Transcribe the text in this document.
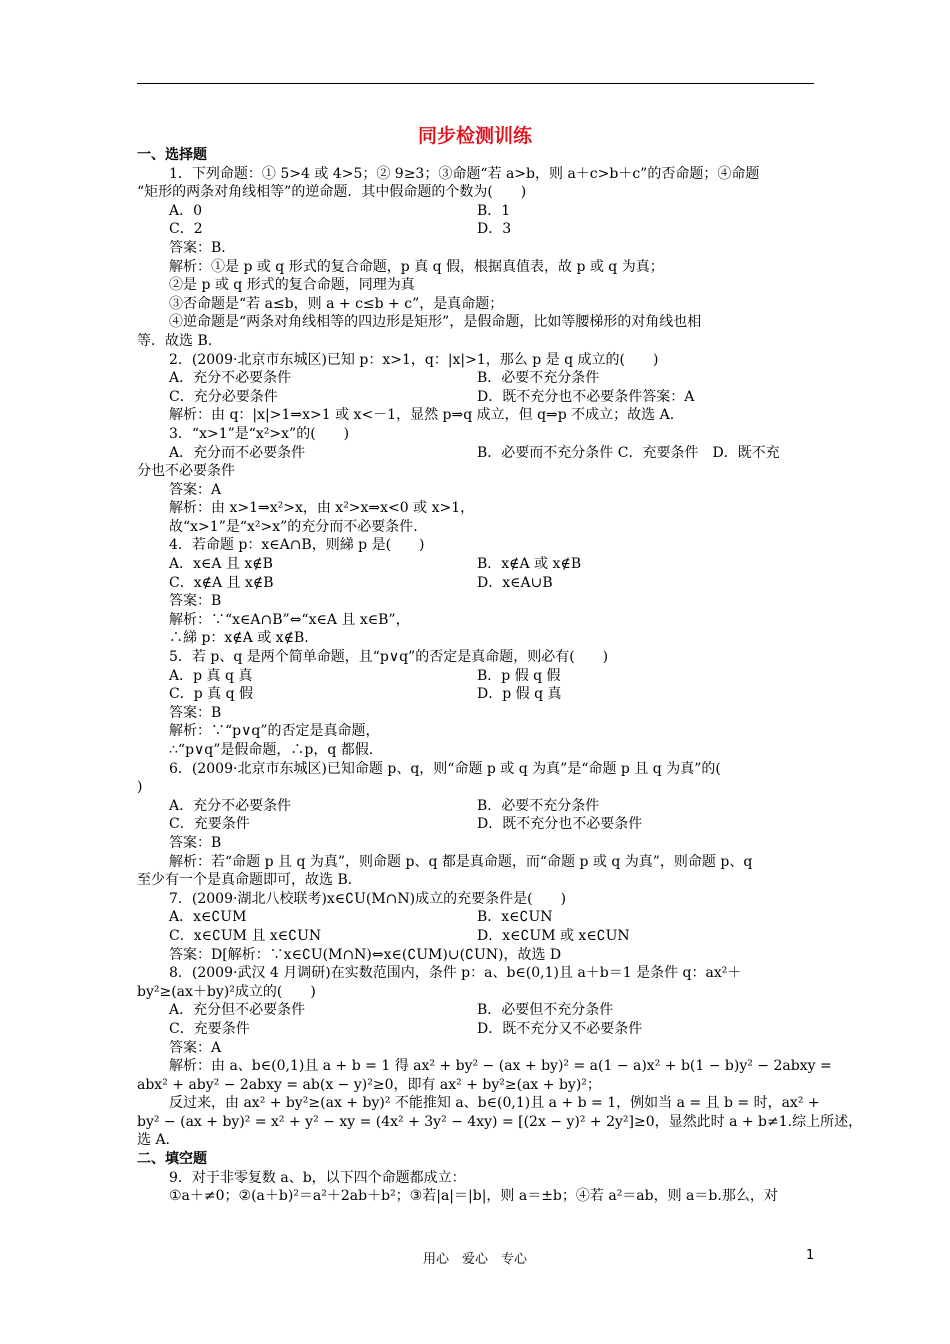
同步检测训练
一、选择题
1．下列命题：① 5>4 或 4>5；② 9≥3；③命题“若 a>b，则 a＋c>b＋c”的否命题；④命题
“矩形的两条对角线相等”的逆命题．其中假命题的个数为(　　)
A．0	B．1
C．2	D．3
答案：B.
解析：①是 p 或 q 形式的复合命题，p 真 q 假，根据真值表，故 p 或 q 为真；
②是 p 或 q 形式的复合命题，同理为真
③否命题是“若 a≤b，则 a + c≤b + c”，是真命题；
④逆命题是“两条对角线相等的四边形是矩形”，是假命题，比如等腰梯形的对角线也相
等．故选 B.
2．(2009·北京市东城区)已知 p：x>1，q：|x|>1，那么 p 是 q 成立的(　　)
A．充分不必要条件	B．必要不充分条件
C．充分必要条件	D．既不充分也不必要条件答案：A
解析：由 q：|x|>1⇒x>1 或 x<－1，显然 p⇒q 成立，但 q⇒p 不成立；故选 A.
3．“x>1”是“x²>x”的(　　)
A．充分而不必要条件	B．必要而不充分条件 C．充要条件　D．既不充
分也不必要条件
答案：A
解析：由 x>1⇒x²>x，由 x²>x⇒x<0 或 x>1，
故“x>1”是“x²>x”的充分而不必要条件.
4．若命题 p：x∈A∩B，则綈 p 是(　　)
A．x∈A 且 x∉B	B．x∉A 或 x∉B
C．x∉A 且 x∉B	D．x∈A∪B
答案：B
解析：∵“x∈A∩B”⇔“x∈A 且 x∈B”，
∴綈 p：x∉A 或 x∉B.
5．若 p、q 是两个简单命题，且“p∨q”的否定是真命题，则必有(　　)
A．p 真 q 真	B．p 假 q 假
C．p 真 q 假	D．p 假 q 真
答案：B
解析：∵“p∨q”的否定是真命题，
∴“p∨q”是假命题，∴p，q 都假.
6．(2009·北京市东城区)已知命题 p、q，则“命题 p 或 q 为真”是“命题 p 且 q 为真”的(
)
A．充分不必要条件	B．必要不充分条件
C．充要条件	D．既不充分也不必要条件
答案：B
解析：若“命题 p 且 q 为真”，则命题 p、q 都是真命题，而“命题 p 或 q 为真”，则命题 p、q
至少有一个是真命题即可，故选 B.
7．(2009·湖北八校联考)x∈∁U(M∩N)成立的充要条件是(　　)
A．x∈∁UM	B．x∈∁UN
C．x∈∁UM 且 x∈∁UN	D．x∈∁UM 或 x∈∁UN
答案：D[解析：∵x∈∁U(M∩N)⇔x∈(∁UM)∪(∁UN)，故选 D
8．(2009·武汉 4 月调研)在实数范围内，条件 p：a、b∈(0,1)且 a＋b＝1 是条件 q：ax²＋
by²≥(ax＋by)²成立的(　　)
A．充分但不必要条件	B．必要但不充分条件
C．充要条件	D．既不充分又不必要条件
答案：A
解析：由 a、b∈(0,1)且 a + b = 1 得 ax² + by² − (ax + by)² = a(1 − a)x² + b(1 − b)y² − 2abxy =
abx² + aby² − 2abxy = ab(x − y)²≥0，即有 ax² + by²≥(ax + by)²；
反过来，由 ax² + by²≥(ax + by)² 不能推知 a、b∈(0,1)且 a + b = 1，例如当 a = 且 b = 时，ax² +
by² − (ax + by)² = x² + y² − xy = (4x² + 3y² − 4xy) = [(2x − y)² + 2y²]≥0，显然此时 a + b≠1.综上所述，
选 A.
二、填空题
9．对于非零复数 a、b，以下四个命题都成立：
①a＋≠0；②(a＋b)²＝a²＋2ab＋b²；③若|a|＝|b|，则 a＝±b；④若 a²＝ab，则 a＝b.那么，对
用心　爱心　专心	1
